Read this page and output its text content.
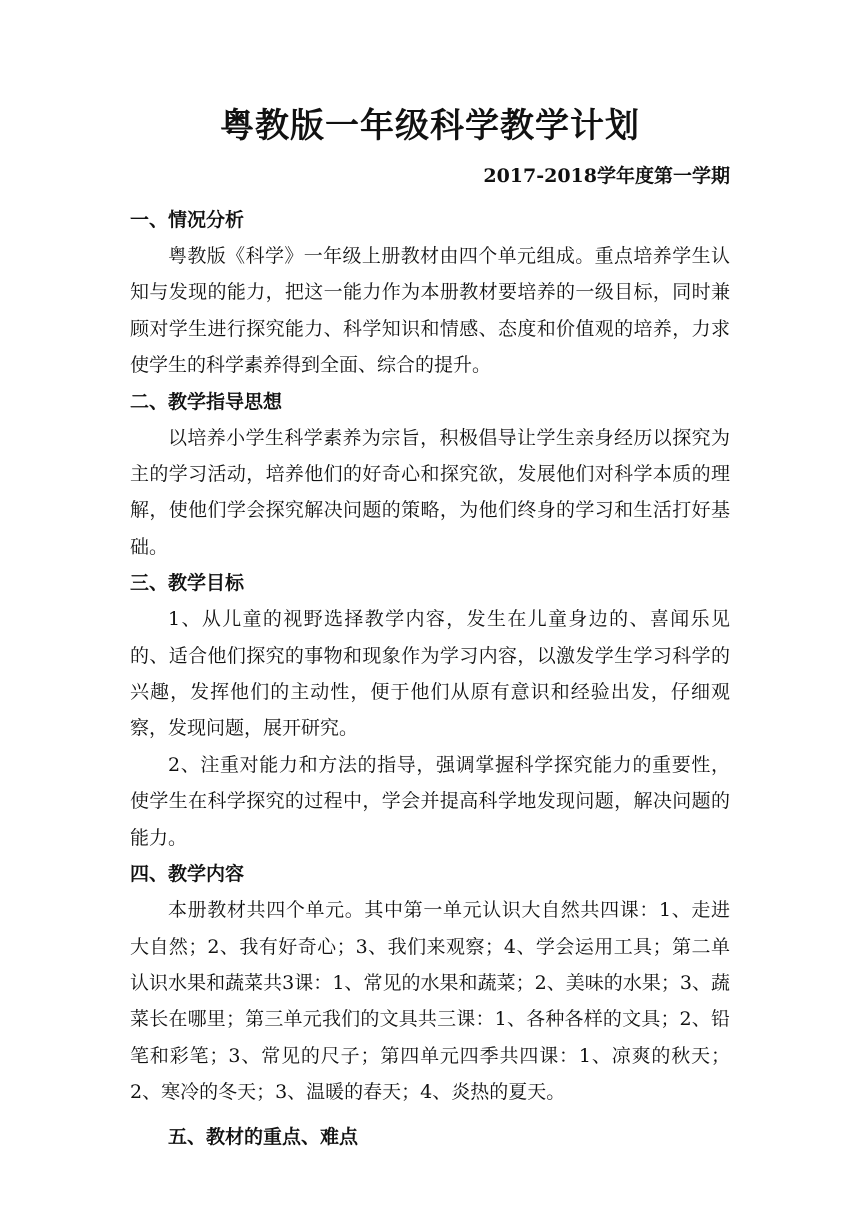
粤教版一年级科学教学计划
2017-2018学年度第一学期
一、情况分析

粤教版《科学》一年级上册教材由四个单元组成。重点培养学生认知与发现的能力，把这一能力作为本册教材要培养的一级目标，同时兼顾对学生进行探究能力、科学知识和情感、态度和价值观的培养，力求使学生的科学素养得到全面、综合的提升。

二、教学指导思想

以培养小学生科学素养为宗旨，积极倡导让学生亲身经历以探究为主的学习活动，培养他们的好奇心和探究欲，发展他们对科学本质的理解，使他们学会探究解决问题的策略，为他们终身的学习和生活打好基础。

三、教学目标

1、从儿童的视野选择教学内容，发生在儿童身边的、喜闻乐见的、适合他们探究的事物和现象作为学习内容，以激发学生学习科学的兴趣，发挥他们的主动性，便于他们从原有意识和经验出发，仔细观察，发现问题，展开研究。

2、注重对能力和方法的指导，强调掌握科学探究能力的重要性，使学生在科学探究的过程中，学会并提高科学地发现问题，解决问题的能力。

四、教学内容

本册教材共四个单元。其中第一单元认识大自然共四课：1、走进大自然；2、我有好奇心；3、我们来观察；4、学会运用工具；第二单认识水果和蔬菜共3课：1、常见的水果和蔬菜；2、美味的水果；3、蔬菜长在哪里；第三单元我们的文具共三课：1、各种各样的文具；2、铅笔和彩笔；3、常见的尺子；第四单元四季共四课：1、凉爽的秋天；2、寒冷的冬天；3、温暖的春天；4、炎热的夏天。

五、教材的重点、难点
